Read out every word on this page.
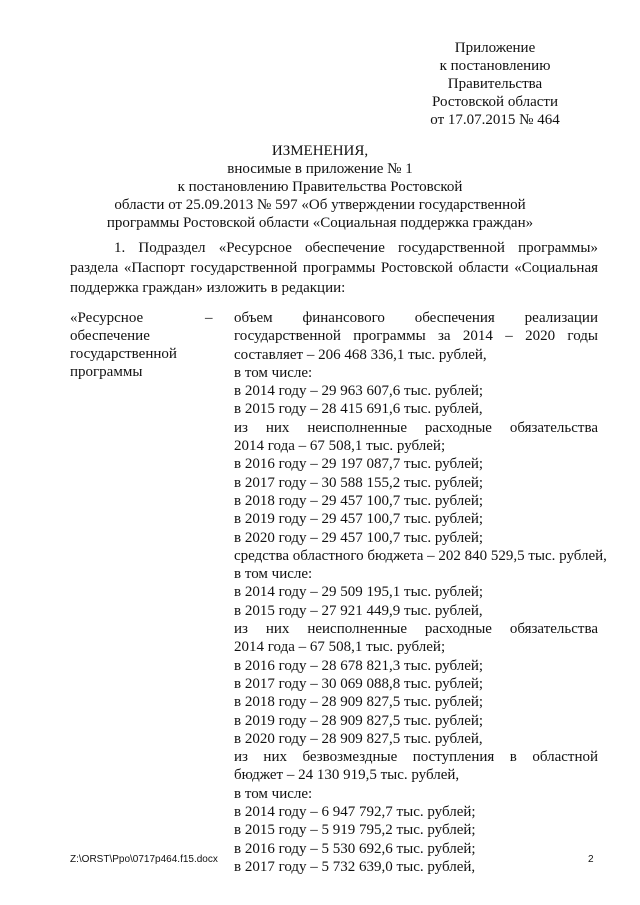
Приложение
к постановлению
Правительства
Ростовской области
от 17.07.2015 № 464
ИЗМЕНЕНИЯ,
вносимые в приложение № 1
к постановлению Правительства Ростовской
области от 25.09.2013 № 597 «Об утверждении государственной
программы Ростовской области «Социальная поддержка граждан»
1. Подраздел «Ресурсное обеспечение государственной программы» раздела «Паспорт государственной программы Ростовской области «Социальная поддержка граждан» изложить в редакции:
«Ресурсное
обеспечение
государственной
программы
– объем финансового обеспечения реализации
государственной программы за 2014 – 2020 годы
составляет – 206 468 336,1 тыс. рублей,
в том числе:
в 2014 году – 29 963 607,6 тыс. рублей;
в 2015 году – 28 415 691,6 тыс. рублей,
из них неисполненные расходные обязательства
2014 года – 67 508,1 тыс. рублей;
в 2016 году – 29 197 087,7 тыс. рублей;
в 2017 году – 30 588 155,2 тыс. рублей;
в 2018 году – 29 457 100,7 тыс. рублей;
в 2019 году – 29 457 100,7 тыс. рублей;
в 2020 году – 29 457 100,7 тыс. рублей;
средства областного бюджета – 202 840 529,5 тыс. рублей,
в том числе:
в 2014 году – 29 509 195,1 тыс. рублей;
в 2015 году – 27 921 449,9 тыс. рублей,
из них неисполненные расходные обязательства
2014 года – 67 508,1 тыс. рублей;
в 2016 году – 28 678 821,3 тыс. рублей;
в 2017 году – 30 069 088,8 тыс. рублей;
в 2018 году – 28 909 827,5 тыс. рублей;
в 2019 году – 28 909 827,5 тыс. рублей;
в 2020 году – 28 909 827,5 тыс. рублей,
из них безвозмездные поступления в областной
бюджет – 24 130 919,5 тыс. рублей,
в том числе:
в 2014 году – 6 947 792,7 тыс. рублей;
в 2015 году – 5 919 795,2 тыс. рублей;
в 2016 году – 5 530 692,6 тыс. рублей;
в 2017 году – 5 732 639,0 тыс. рублей,
Z:\ORST\Ppo\0717p464.f15.docx	2
